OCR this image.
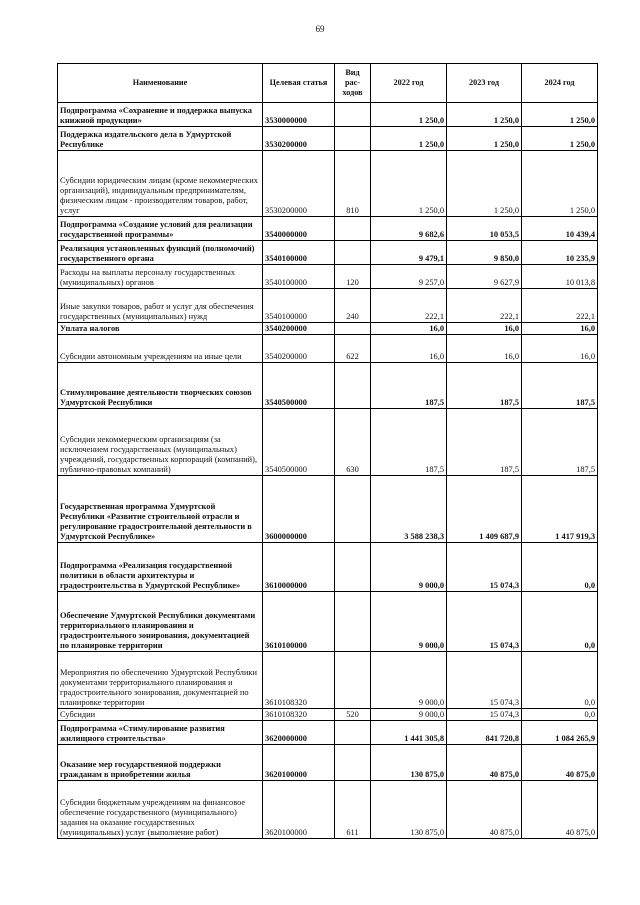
69
Наименование	Целевая статья	Вид рас-ходов	2022 год	2023 год	2024 год
Подпрограмма «Сохранение и поддержка выпуска книжной продукции»	3530000000		1 250,0	1 250,0	1 250,0
Поддержка издательского дела в Удмуртской Республике	3530200000		1 250,0	1 250,0	1 250,0
Субсидии юридическим лицам (кроме некоммерческих организаций), индивидуальным предпринимателям, физическим лицам - производителям товаров, работ, услуг	3530200000	810	1 250,0	1 250,0	1 250,0
Подпрограмма «Создание условий для реализации государственной программы»	3540000000		9 682,6	10 053,5	10 439,4
Реализация установленных функций (полномочий) государственного органа	3540100000		9 479,1	9 850,0	10 235,9
Расходы на выплаты персоналу государственных (муниципальных) органов	3540100000	120	9 257,0	9 627,9	10 013,8
Иные закупки товаров, работ и услуг для обеспечения государственных (муниципальных) нужд	3540100000	240	222,1	222,1	222,1
Уплата налогов	3540200000		16,0	16,0	16,0
Субсидии автономным учреждениям на иные цели	3540200000	622	16,0	16,0	16,0
Стимулирование деятельности творческих союзов Удмуртской Республики	3540500000		187,5	187,5	187,5
Субсидии некоммерческим организациям (за исключением государственных (муниципальных) учреждений, государственных корпораций (компаний), публично-правовых компаний)	3540500000	630	187,5	187,5	187,5
Государственная программа Удмуртской Республики «Развитие строительной отрасли и регулирование градостроительной деятельности в Удмуртской Республике»	3600000000		3 588 238,3	1 409 687,9	1 417 919,3
Подпрограмма «Реализация государственной политики в области архитектуры и градостроительства в Удмуртской Республике»	3610000000		9 000,0	15 074,3	0,0
Обеспечение Удмуртской Республики документами территориального планирования и градостроительного зонирования, документацией по планировке территории	3610100000		9 000,0	15 074,3	0,0
Мероприятия по обеспечению Удмуртской Республики документами территориального планирования и градостроительного зонирования, документацией по планировке территории	3610108320		9 000,0	15 074,3	0,0
Субсидии	3610108320	520	9 000,0	15 074,3	0,0
Подпрограмма «Стимулирование развития жилищного строительства»	3620000000		1 441 305,8	841 720,8	1 084 265,9
Оказание мер государственной поддержки гражданам в приобретении жилья	3620100000		130 875,0	40 875,0	40 875,0
Субсидии бюджетным учреждениям на финансовое обеспечение государственного (муниципального) задания на оказание государственных (муниципальных) услуг (выполнение работ)	3620100000	611	130 875,0	40 875,0	40 875,0
